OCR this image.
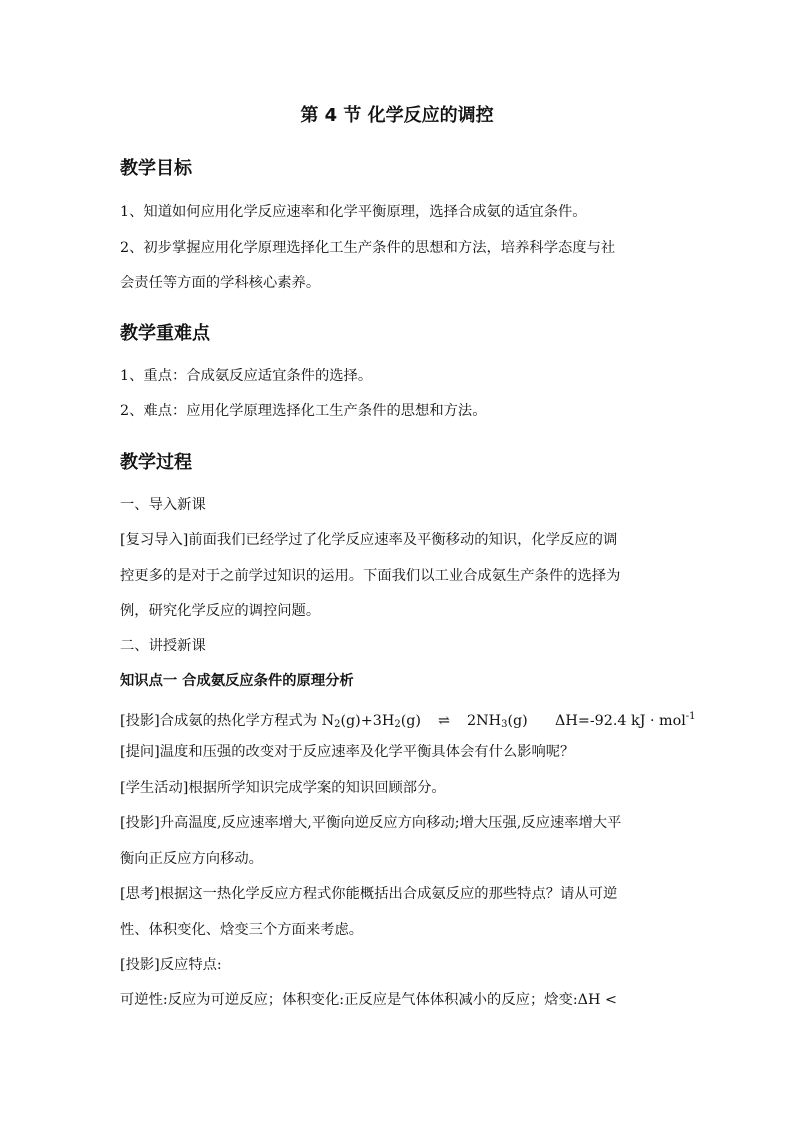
第 4 节 化学反应的调控
教学目标
1、知道如何应用化学反应速率和化学平衡原理，选择合成氨的适宜条件。
2、初步掌握应用化学原理选择化工生产条件的思想和方法，培养科学态度与社
会责任等方面的学科核心素养。
教学重难点
1、重点：合成氨反应适宜条件的选择。
2、难点：应用化学原理选择化工生产条件的思想和方法。
教学过程
一、导入新课
[复习导入]前面我们已经学过了化学反应速率及平衡移动的知识，化学反应的调
控更多的是对于之前学过知识的运用。下面我们以工业合成氨生产条件的选择为
例，研究化学反应的调控问题。
二、讲授新课
知识点一 合成氨反应条件的原理分析
[投影]合成氨的热化学方程式为 $N_2(g)+3H_2(g)$ ⇌ $2NH_3(g)$ ΔH=-92.4 kJ · mol$^{-1}$
[提问]温度和压强的改变对于反应速率及化学平衡具体会有什么影响呢？
[学生活动]根据所学知识完成学案的知识回顾部分。
[投影]升高温度,反应速率增大,平衡向逆反应方向移动;增大压强,反应速率增大平
衡向正反应方向移动。
[思考]根据这一热化学反应方程式你能概括出合成氨反应的那些特点？请从可逆
性、体积变化、焓变三个方面来考虑。
[投影]反应特点:
可逆性:反应为可逆反应；体积变化:正反应是气体体积减小的反应；焓变:ΔH <
